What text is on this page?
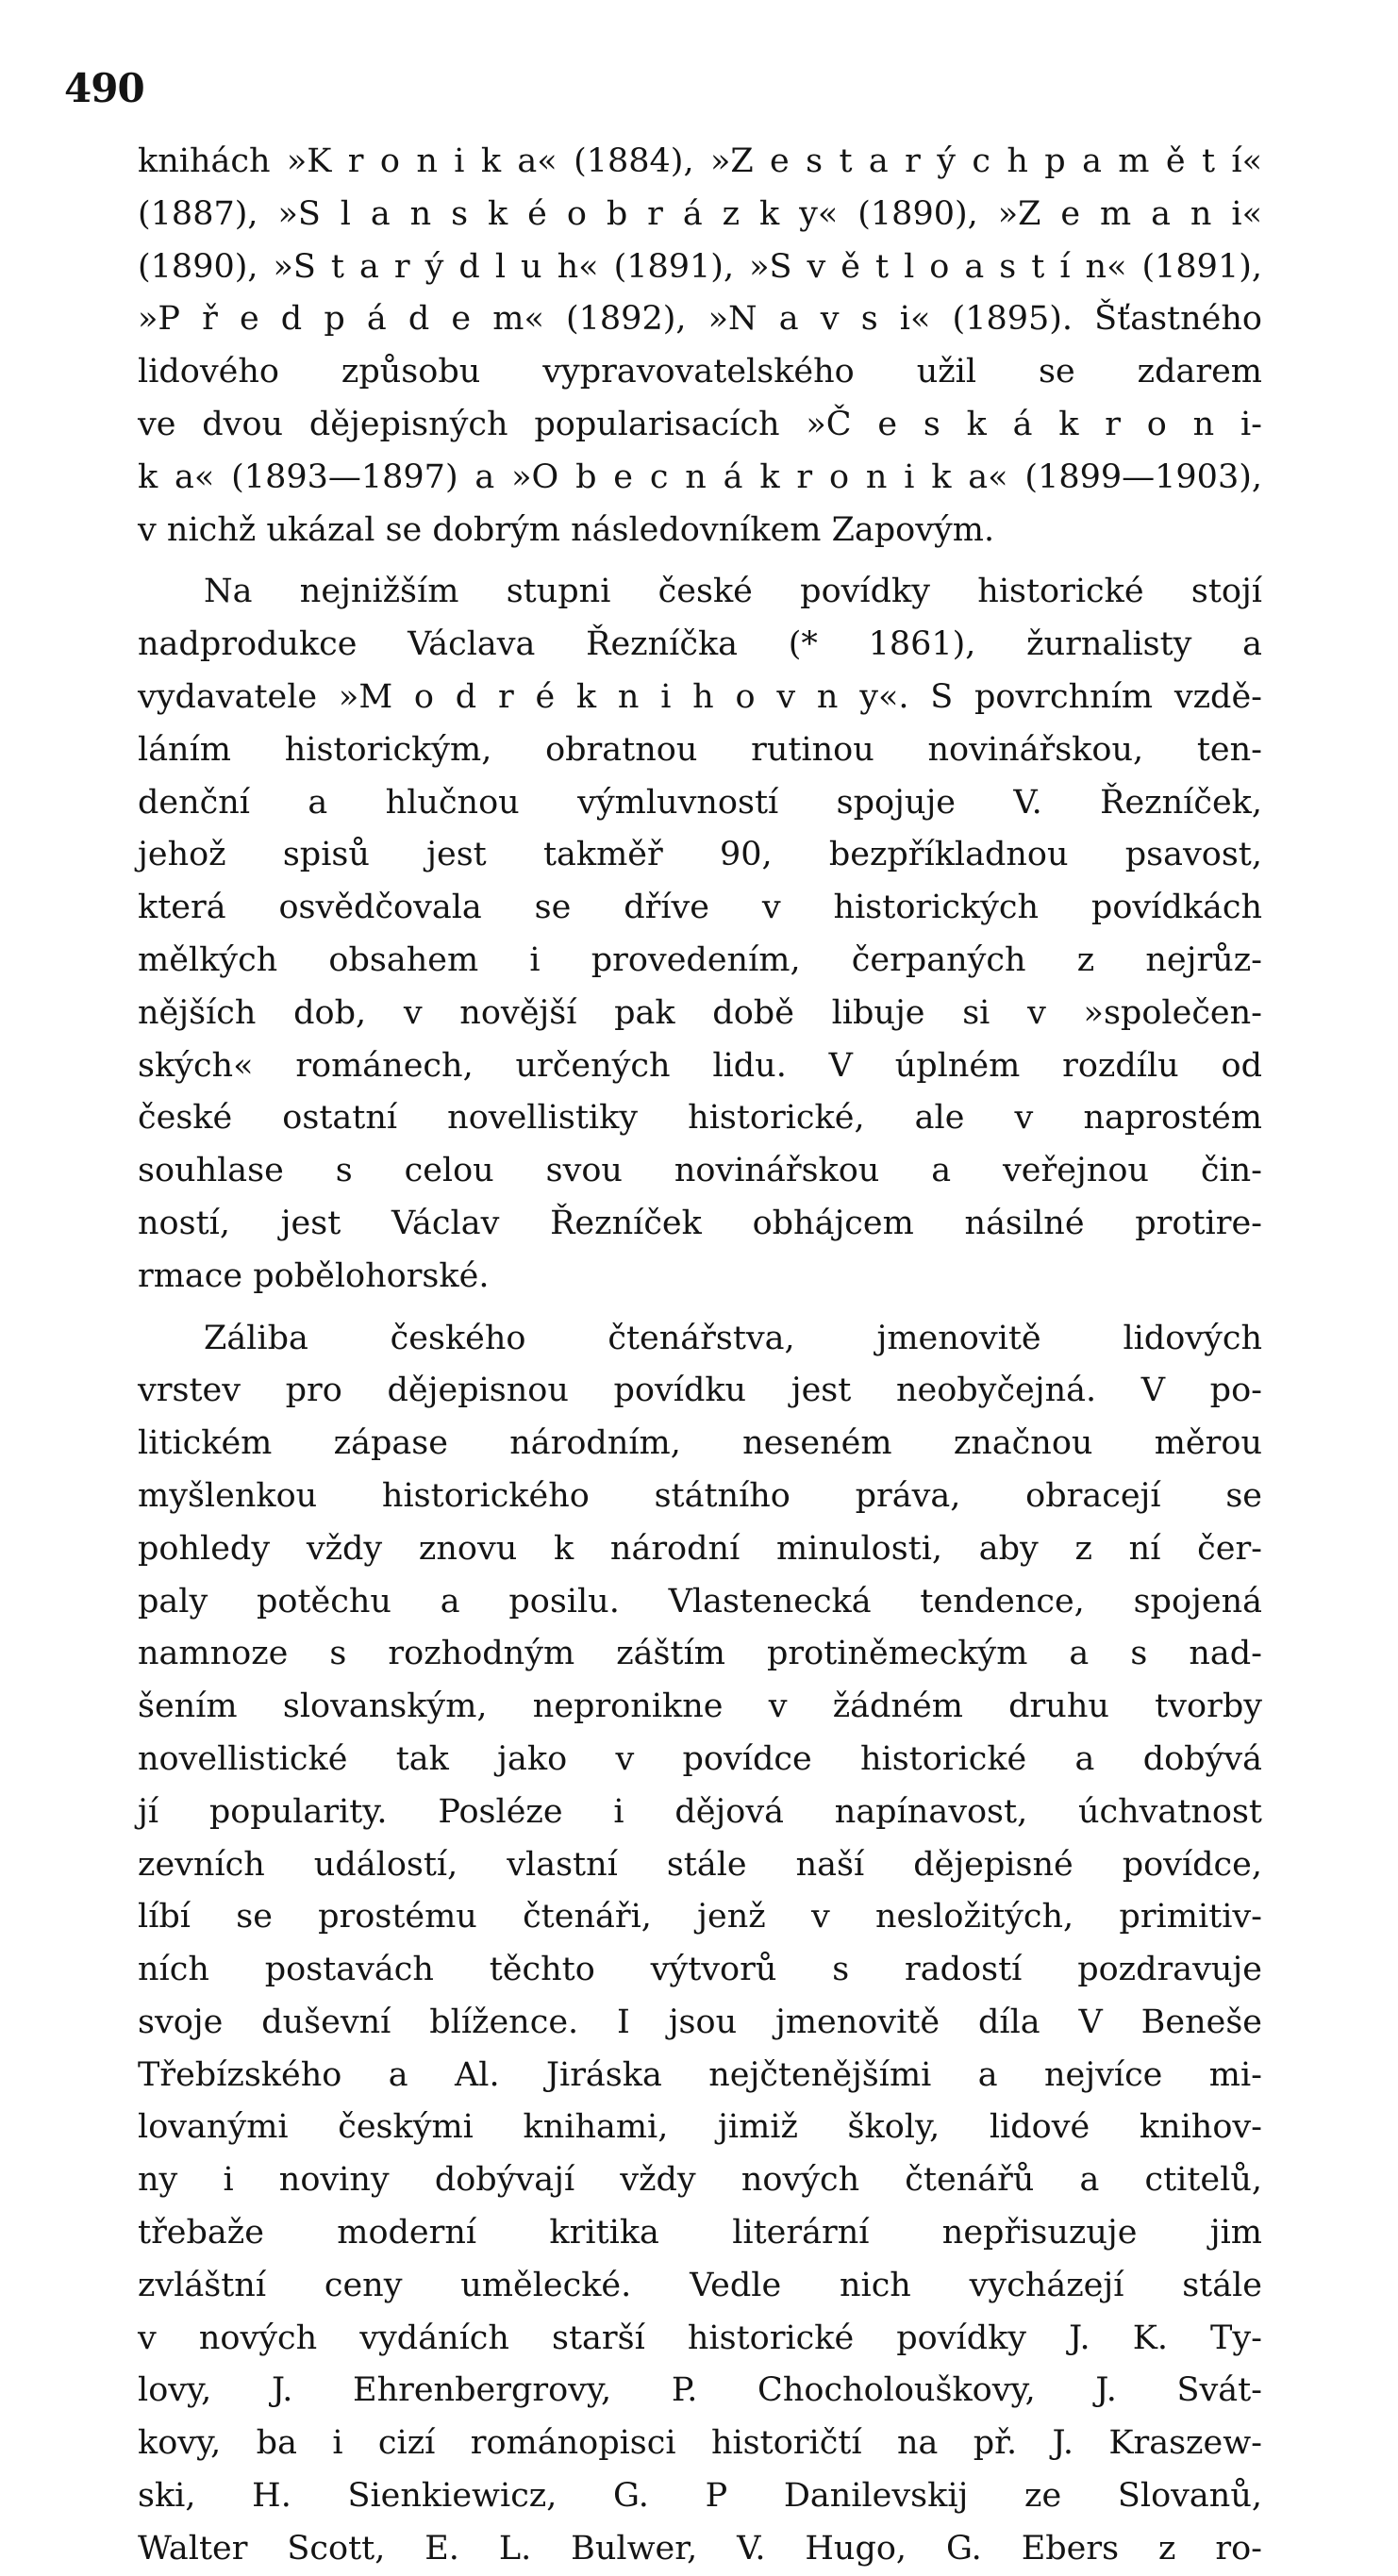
490
knihách »K r o n i k a« (1884), »Z e s t a r ý c h p a m ě t í«
(1887), »S l a n s k é o b r á z k y« (1890), »Z e m a n i«
(1890), »S t a r ý d l u h« (1891), »S v ě t l o a s t í n« (1891),
»P ř e d p á d e m« (1892), »N a v s i« (1895). Šťastného
lidového způsobu vypravovatelského užil se zdarem
ve dvou dějepisných popularisacích »Č e s k á k r o n i-
k a« (1893—1897) a »O b e c n á k r o n i k a« (1899—1903),
v nichž ukázal se dobrým následovníkem Zapovým.
Na nejnižším stupni české povídky historické stojí
nadprodukce Václava Řezníčka (* 1861), žurnalisty a
vydavatele »M o d r é k n i h o v n y«. S povrchním vzdě-
láním historickým, obratnou rutinou novinářskou, ten-
denční a hlučnou výmluvností spojuje V. Řezníček,
jehož spisů jest takměř 90, bezpříkladnou psavost,
která osvědčovala se dříve v historických povídkách
mělkých obsahem i provedením, čerpaných z nejrůz-
nějších dob, v novější pak době libuje si v »společen-
ských« románech, určených lidu. V úplném rozdílu od
české ostatní novellistiky historické, ale v naprostém
souhlase s celou svou novinářskou a veřejnou čin-
ností, jest Václav Řezníček obhájcem násilné protire-
rmace pobělohorské.
Záliba českého čtenářstva, jmenovitě lidových
vrstev pro dějepisnou povídku jest neobyčejná. V po-
litickém zápase národním, neseném značnou měrou
myšlenkou historického státního práva, obracejí se
pohledy vždy znovu k národní minulosti, aby z ní čer-
paly potěchu a posilu. Vlastenecká tendence, spojená
namnoze s rozhodným záštím protiněmeckým a s nad-
šením slovanským, nepronikne v žádném druhu tvorby
novellistické tak jako v povídce historické a dobývá
jí popularity. Posléze i dějová napínavost, úchvatnost
zevních událostí, vlastní stále naší dějepisné povídce,
líbí se prostému čtenáři, jenž v nesložitých, primitiv-
ních postavách těchto výtvorů s radostí pozdravuje
svoje duševní blížence. I jsou jmenovitě díla V Beneše
Třebízského a Al. Jiráska nejčtenějšími a nejvíce mi-
lovanými českými knihami, jimiž školy, lidové knihov-
ny i noviny dobývají vždy nových čtenářů a ctitelů,
třebaže moderní kritika literární nepřisuzuje jim
zvláštní ceny umělecké. Vedle nich vycházejí stále
v nových vydáních starší historické povídky J. K. Ty-
lovy, J. Ehrenbergrovy, P. Chocholouškovy, J. Svát-
kovy, ba i cizí románopisci historičtí na př. J. Kraszew-
ski, H. Sienkiewicz, G. P Danilevskij ze Slovanů,
Walter Scott, E. L. Bulwer, V. Hugo, G. Ebers z ro-
